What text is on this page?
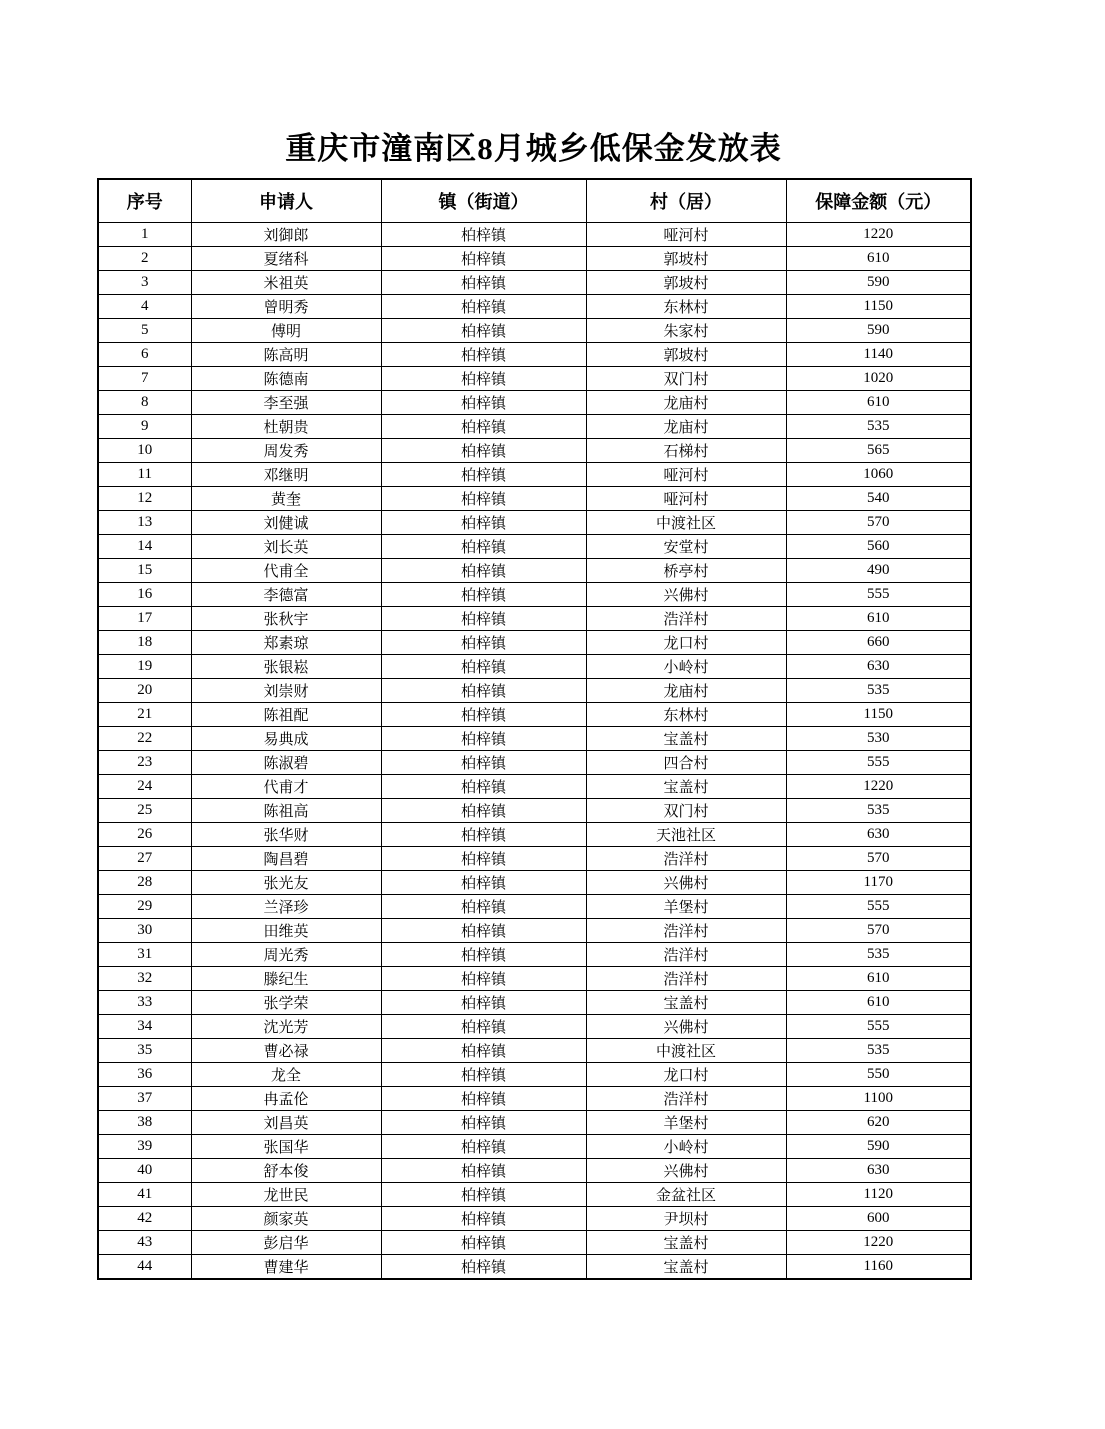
重庆市潼南区8月城乡低保金发放表
序号	申请人	镇（街道）	村（居）	保障金额（元）
1	刘御郎	柏梓镇	哑河村	1220
2	夏绪科	柏梓镇	郭坡村	610
3	米祖英	柏梓镇	郭坡村	590
4	曾明秀	柏梓镇	东林村	1150
5	傅明	柏梓镇	朱家村	590
6	陈高明	柏梓镇	郭坡村	1140
7	陈德南	柏梓镇	双门村	1020
8	李至强	柏梓镇	龙庙村	610
9	杜朝贵	柏梓镇	龙庙村	535
10	周发秀	柏梓镇	石梯村	565
11	邓继明	柏梓镇	哑河村	1060
12	黄奎	柏梓镇	哑河村	540
13	刘健诚	柏梓镇	中渡社区	570
14	刘长英	柏梓镇	安堂村	560
15	代甫全	柏梓镇	桥亭村	490
16	李德富	柏梓镇	兴佛村	555
17	张秋宇	柏梓镇	浩洋村	610
18	郑素琼	柏梓镇	龙口村	660
19	张银崧	柏梓镇	小岭村	630
20	刘崇财	柏梓镇	龙庙村	535
21	陈祖配	柏梓镇	东林村	1150
22	易典成	柏梓镇	宝盖村	530
23	陈淑碧	柏梓镇	四合村	555
24	代甫才	柏梓镇	宝盖村	1220
25	陈祖高	柏梓镇	双门村	535
26	张华财	柏梓镇	天池社区	630
27	陶昌碧	柏梓镇	浩洋村	570
28	张光友	柏梓镇	兴佛村	1170
29	兰泽珍	柏梓镇	羊堡村	555
30	田维英	柏梓镇	浩洋村	570
31	周光秀	柏梓镇	浩洋村	535
32	滕纪生	柏梓镇	浩洋村	610
33	张学荣	柏梓镇	宝盖村	610
34	沈光芳	柏梓镇	兴佛村	555
35	曹必禄	柏梓镇	中渡社区	535
36	龙全	柏梓镇	龙口村	550
37	冉孟伦	柏梓镇	浩洋村	1100
38	刘昌英	柏梓镇	羊堡村	620
39	张国华	柏梓镇	小岭村	590
40	舒本俊	柏梓镇	兴佛村	630
41	龙世民	柏梓镇	金盆社区	1120
42	颜家英	柏梓镇	尹坝村	600
43	彭启华	柏梓镇	宝盖村	1220
44	曹建华	柏梓镇	宝盖村	1160
